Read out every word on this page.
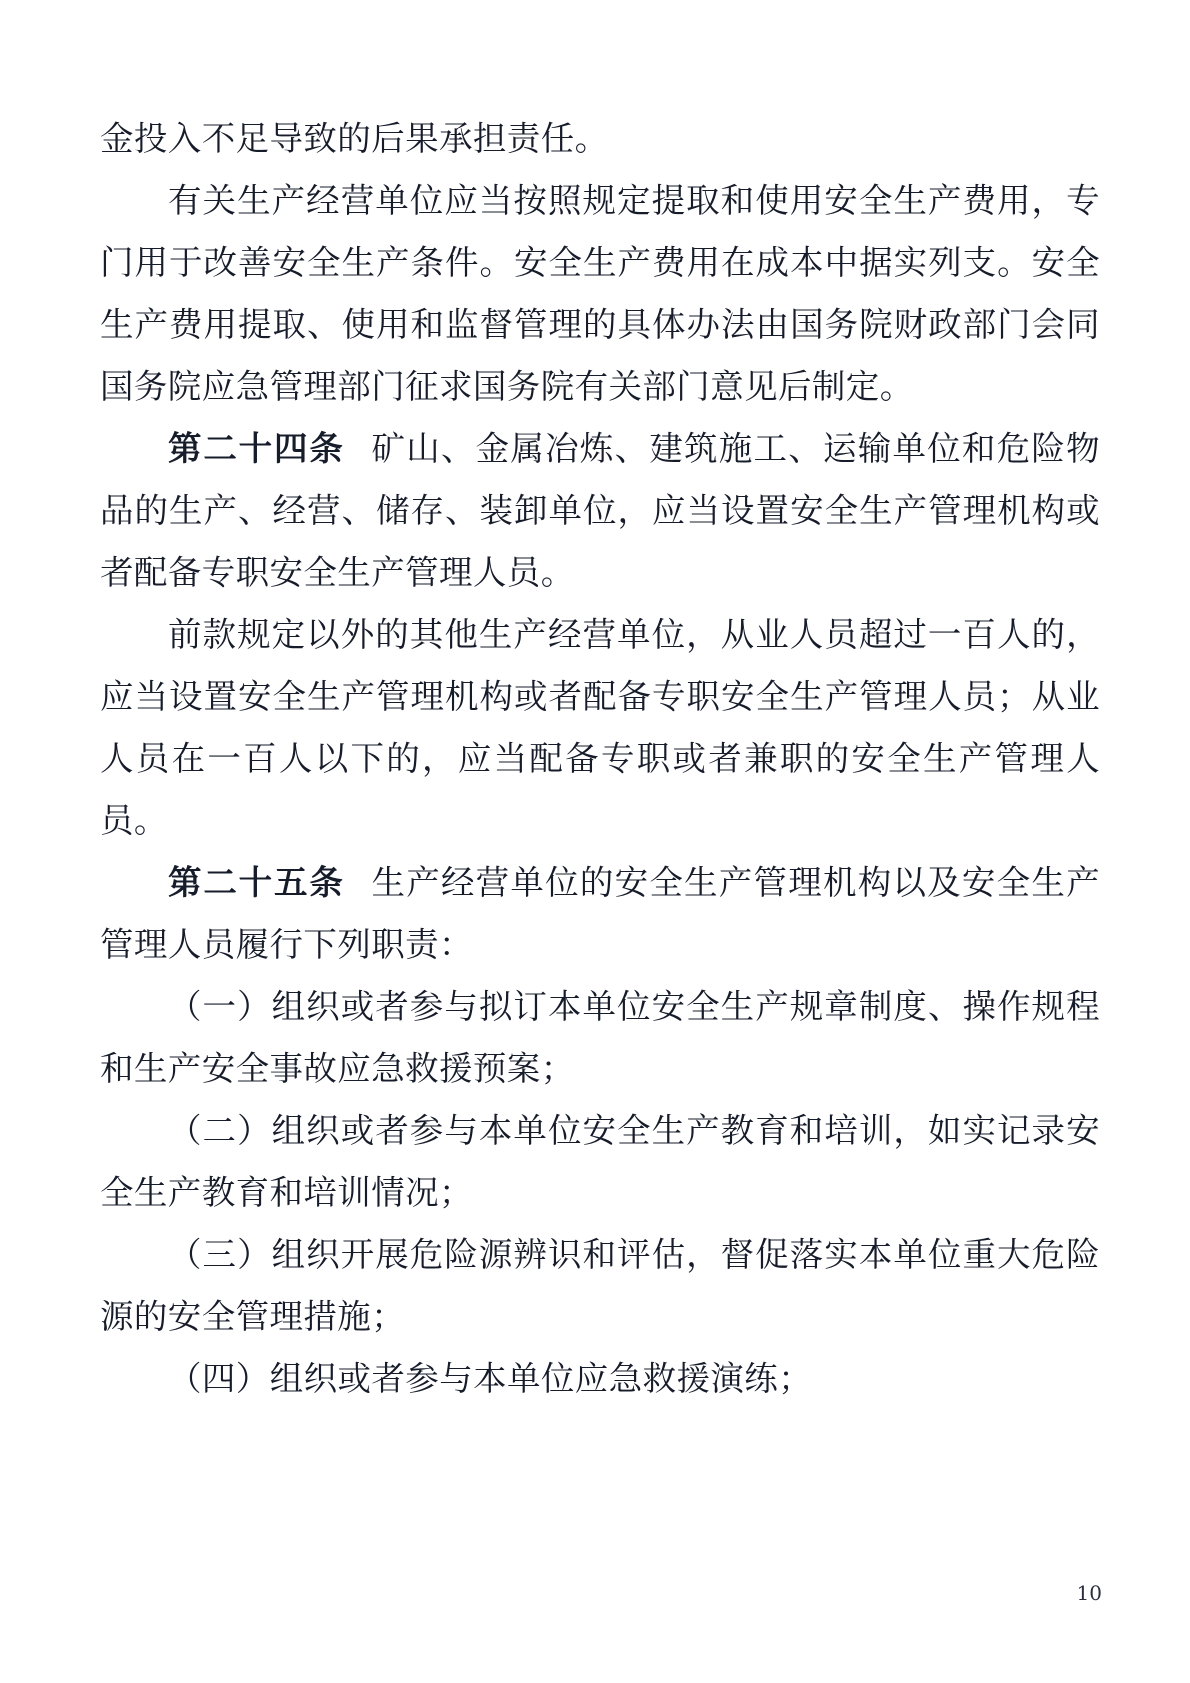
金投入不足导致的后果承担责任。

有关生产经营单位应当按照规定提取和使用安全生产费用，专门用于改善安全生产条件。安全生产费用在成本中据实列支。安全生产费用提取、使用和监督管理的具体办法由国务院财政部门会同国务院应急管理部门征求国务院有关部门意见后制定。

第二十四条 矿山、金属冶炼、建筑施工、运输单位和危险物品的生产、经营、储存、装卸单位，应当设置安全生产管理机构或者配备专职安全生产管理人员。

前款规定以外的其他生产经营单位，从业人员超过一百人的，应当设置安全生产管理机构或者配备专职安全生产管理人员；从业人员在一百人以下的，应当配备专职或者兼职的安全生产管理人员。

第二十五条 生产经营单位的安全生产管理机构以及安全生产管理人员履行下列职责：

（一）组织或者参与拟订本单位安全生产规章制度、操作规程和生产安全事故应急救援预案；

（二）组织或者参与本单位安全生产教育和培训，如实记录安全生产教育和培训情况；

（三）组织开展危险源辨识和评估，督促落实本单位重大危险源的安全管理措施；

（四）组织或者参与本单位应急救援演练；

10
